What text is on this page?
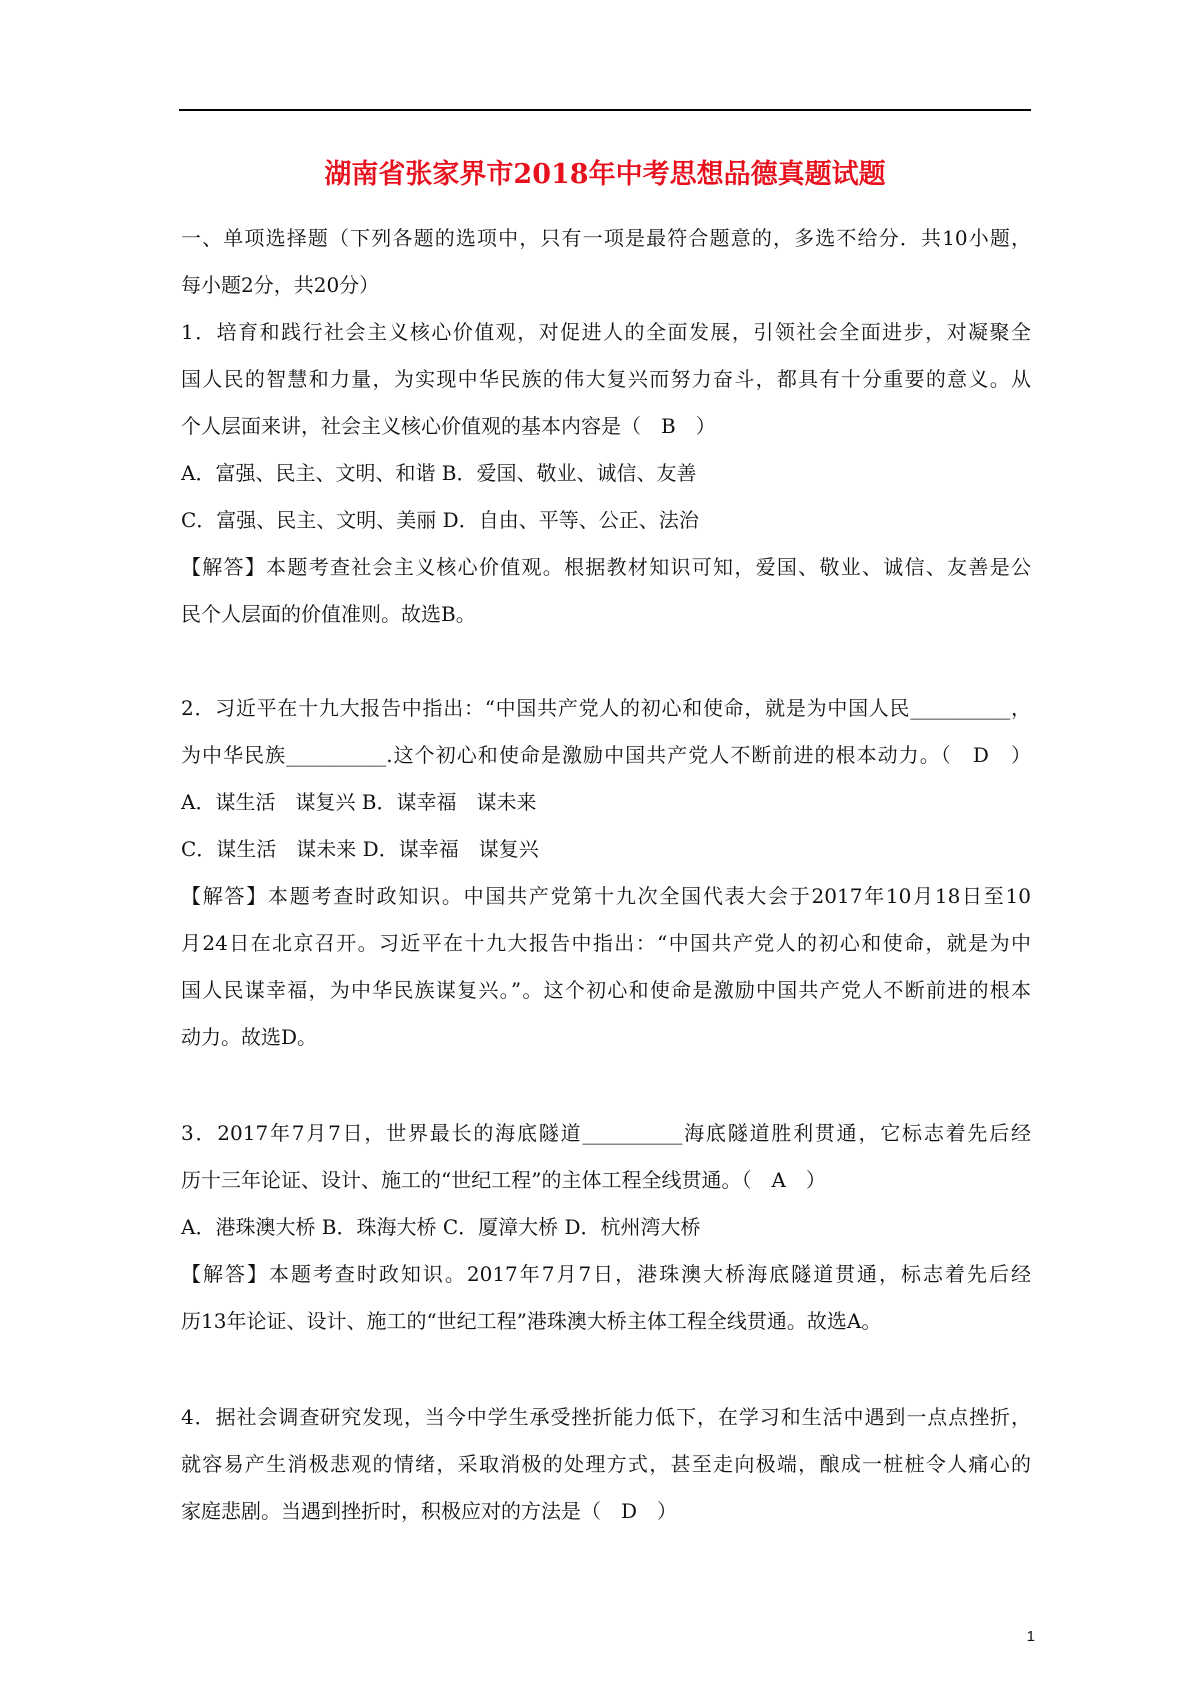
湖南省张家界市2018年中考思想品德真题试题
一、单项选择题（下列各题的选项中，只有一项是最符合题意的，多选不给分．共10小题，
每小题2分，共20分）
1．培育和践行社会主义核心价值观，对促进人的全面发展，引领社会全面进步，对凝聚全
国人民的智慧和力量，为实现中华民族的伟大复兴而努力奋斗，都具有十分重要的意义。从
个人层面来讲，社会主义核心价值观的基本内容是（　B　）
A．富强、民主、文明、和谐 B．爱国、敬业、诚信、友善
C．富强、民主、文明、美丽 D．自由、平等、公正、法治
【解答】本题考查社会主义核心价值观。根据教材知识可知，爱国、敬业、诚信、友善是公
民个人层面的价值准则。故选B。
2．习近平在十九大报告中指出：“中国共产党人的初心和使命，就是为中国人民__________，
为中华民族__________.这个初心和使命是激励中国共产党人不断前进的根本动力。（　D　）
A．谋生活　谋复兴 B．谋幸福　谋未来
C．谋生活　谋未来 D．谋幸福　谋复兴
【解答】本题考查时政知识。中国共产党第十九次全国代表大会于2017年10月18日至10
月24日在北京召开。习近平在十九大报告中指出：“中国共产党人的初心和使命，就是为中
国人民谋幸福，为中华民族谋复兴。”。这个初心和使命是激励中国共产党人不断前进的根本
动力。故选D。
3．2017年7月7日，世界最长的海底隧道__________海底隧道胜利贯通，它标志着先后经
历十三年论证、设计、施工的“世纪工程”的主体工程全线贯通。（　A　）
A．港珠澳大桥 B．珠海大桥 C．厦漳大桥 D．杭州湾大桥
【解答】本题考查时政知识。2017年7月7日，港珠澳大桥海底隧道贯通，标志着先后经
历13年论证、设计、施工的“世纪工程”港珠澳大桥主体工程全线贯通。故选A。
4．据社会调查研究发现，当今中学生承受挫折能力低下，在学习和生活中遇到一点点挫折，
就容易产生消极悲观的情绪，采取消极的处理方式，甚至走向极端，酿成一桩桩令人痛心的
家庭悲剧。当遇到挫折时，积极应对的方法是（　D　）
1
